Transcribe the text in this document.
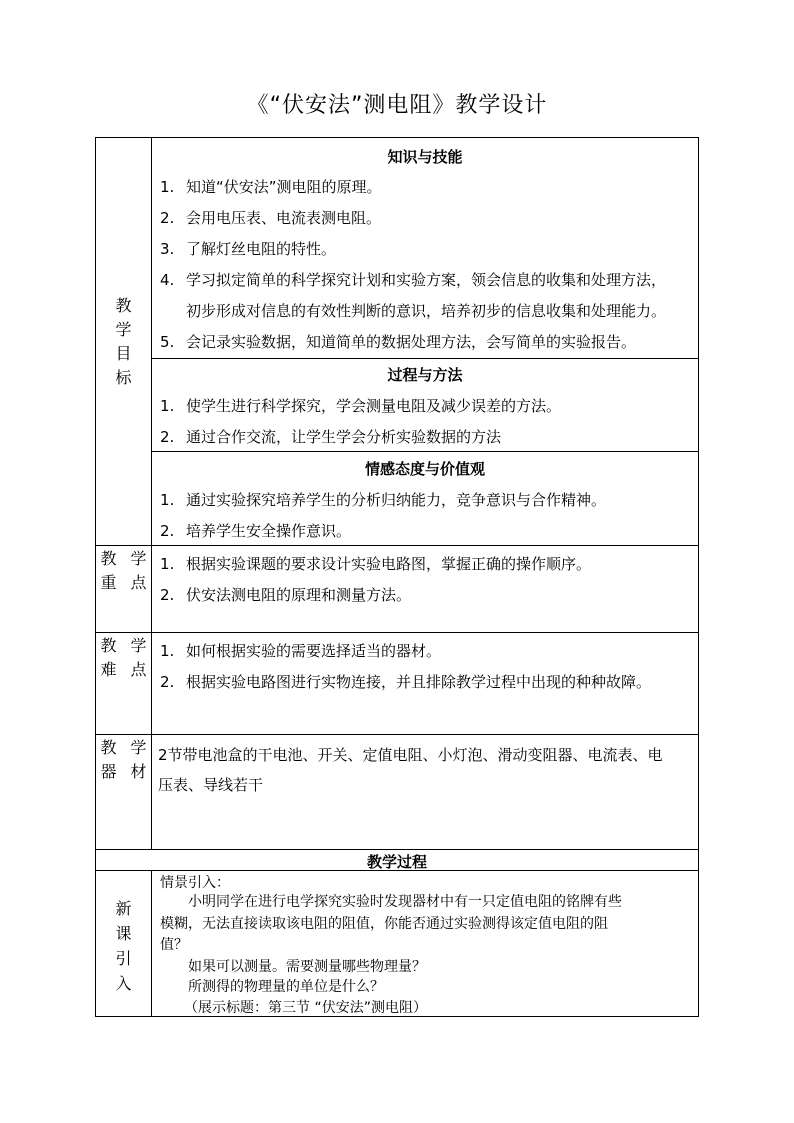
《“伏安法”测电阻》教学设计
教
学
目
标
知识与技能
1. 知道“伏安法”测电阻的原理。
2. 会用电压表、电流表测电阻。
3. 了解灯丝电阻的特性。
4. 学习拟定简单的科学探究计划和实验方案，领会信息的收集和处理方法，
初步形成对信息的有效性判断的意识，培养初步的信息收集和处理能力。
5. 会记录实验数据，知道简单的数据处理方法，会写简单的实验报告。
过程与方法
1. 使学生进行科学探究，学会测量电阻及减少误差的方法。
2. 通过合作交流，让学生学会分析实验数据的方法
情感态度与价值观
1. 通过实验探究培养学生的分析归纳能力，竞争意识与合作精神。
2. 培养学生安全操作意识。
教 学
重 点
1. 根据实验课题的要求设计实验电路图，掌握正确的操作顺序。
2. 伏安法测电阻的原理和测量方法。
教 学
难 点
1. 如何根据实验的需要选择适当的器材。
2. 根据实验电路图进行实物连接，并且排除教学过程中出现的种种故障。
教 学
器 材
2节带电池盒的干电池、开关、定值电阻、小灯泡、滑动变阻器、电流表、电
压表、导线若干
教学过程
新
课
引
入
情景引入：
小明同学在进行电学探究实验时发现器材中有一只定值电阻的铭牌有些
模糊，无法直接读取该电阻的阻值，你能否通过实验测得该定值电阻的阻
值？
如果可以测量。需要测量哪些物理量？
所测得的物理量的单位是什么？
（展示标题：第三节 “伏安法”测电阻）
